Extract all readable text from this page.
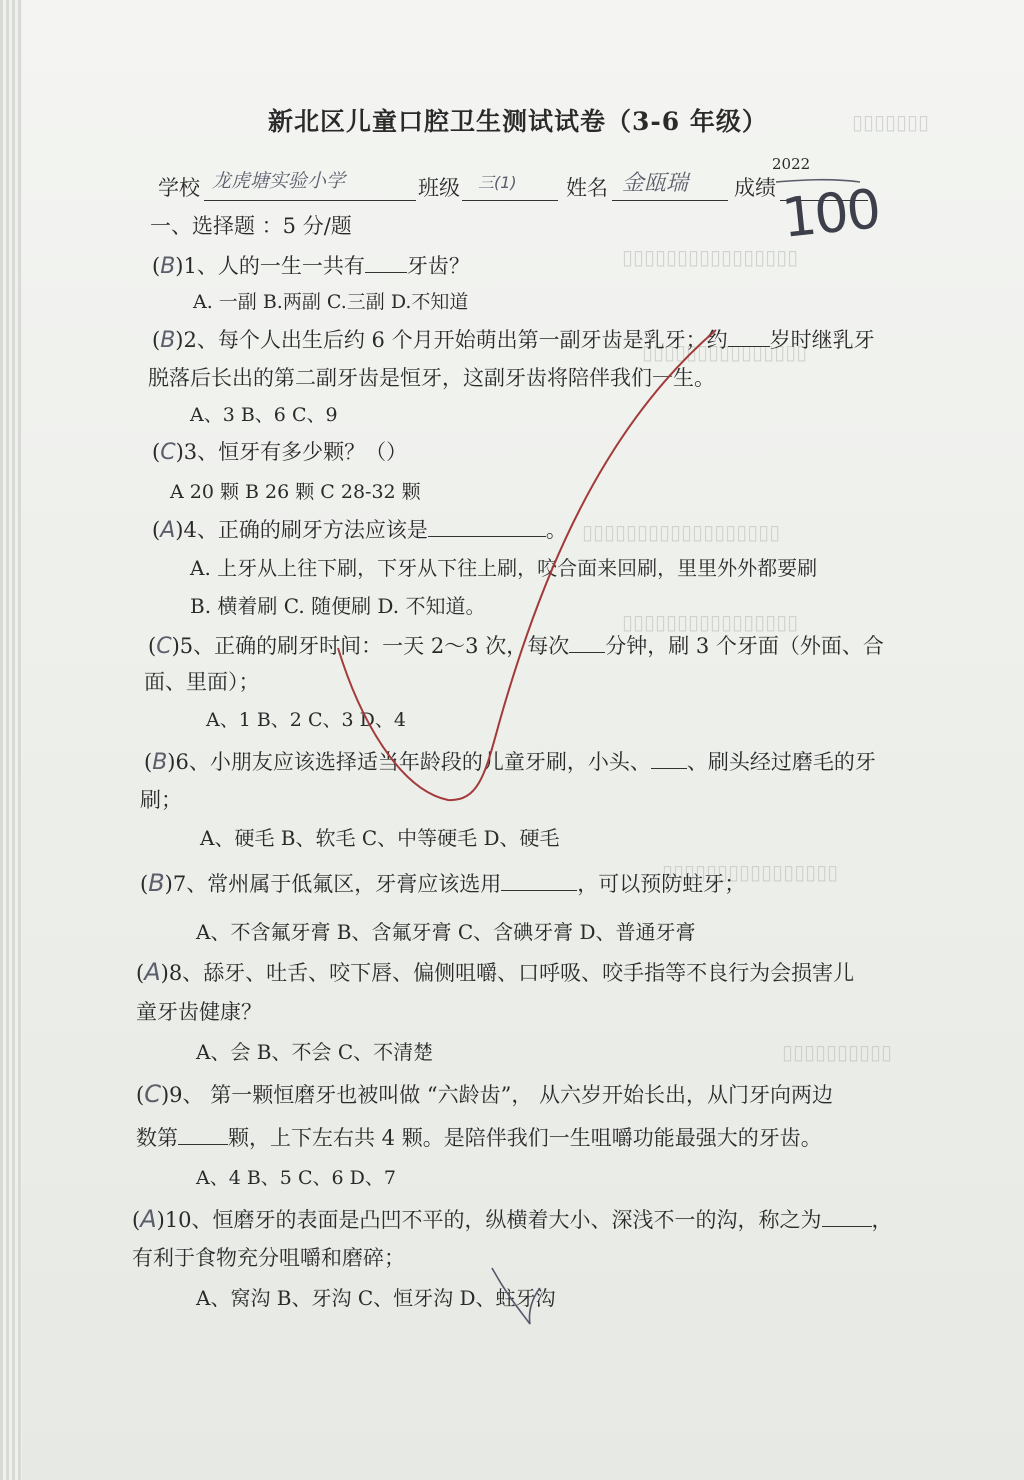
▯▯▯▯▯▯▯
▯▯▯▯▯▯▯▯▯▯▯▯▯▯▯▯
▯▯▯▯▯▯▯▯▯▯▯▯▯▯▯
▯▯▯▯▯▯▯▯▯▯▯▯▯▯▯▯▯▯
▯▯▯▯▯▯▯▯▯▯▯▯▯▯▯▯
▯▯▯▯▯▯▯▯▯▯▯▯▯▯▯▯
▯▯▯▯▯▯▯▯▯▯
新北区儿童口腔卫生测试试卷（3-6 年级）
2022
学校 龙虎塘实验小学	班级 三(1) 姓名 金瓯瑞 成绩 100
一、选择题 ：5 分/题
(B)1、人的一生一共有 牙齿？
A. 一副 B.两副 C.三副 D.不知道
(B)2、每个人出生后约 6 个月开始萌出第一副牙齿是乳牙；约 岁时继乳牙
脱落后长出的第二副牙齿是恒牙，这副牙齿将陪伴我们一生。
A、3 B、6 C、9
(C)3、恒牙有多少颗？（）
A 20 颗 B 26 颗 C 28-32 颗
(A)4、正确的刷牙方法应该是	。
A. 上牙从上往下刷，下牙从下往上刷，咬合面来回刷，里里外外都要刷
B. 横着刷 C. 随便刷 D. 不知道。
(C)5、正确的刷牙时间：一天 2～3 次，每次 分钟，刷 3 个牙面（外面、合
面、里面）；
A、1 B、2 C、3 D、4
(B)6、小朋友应该选择适当年龄段的儿童牙刷，小头、 、刷头经过磨毛的牙
刷；
A、硬毛 B、软毛 C、中等硬毛 D、硬毛
(B)7、常州属于低氟区，牙膏应该选用	，可以预防蛀牙；
A、不含氟牙膏 B、含氟牙膏 C、含碘牙膏 D、普通牙膏
(A)8、舔牙、吐舌、咬下唇、偏侧咀嚼、口呼吸、咬手指等不良行为会损害儿
童牙齿健康？
A、会 B、不会 C、不清楚
(C)9、 第一颗恒磨牙也被叫做 “六龄齿”， 从六岁开始长出，从门牙向两边
数第 颗，上下左右共 4 颗。是陪伴我们一生咀嚼功能最强大的牙齿。
A、4 B、5 C、6 D、7
(A)10、恒磨牙的表面是凸凹不平的，纵横着大小、深浅不一的沟，称之为 ，
有利于食物充分咀嚼和磨碎；
A、窝沟 B、牙沟 C、恒牙沟 D、蛀牙沟
